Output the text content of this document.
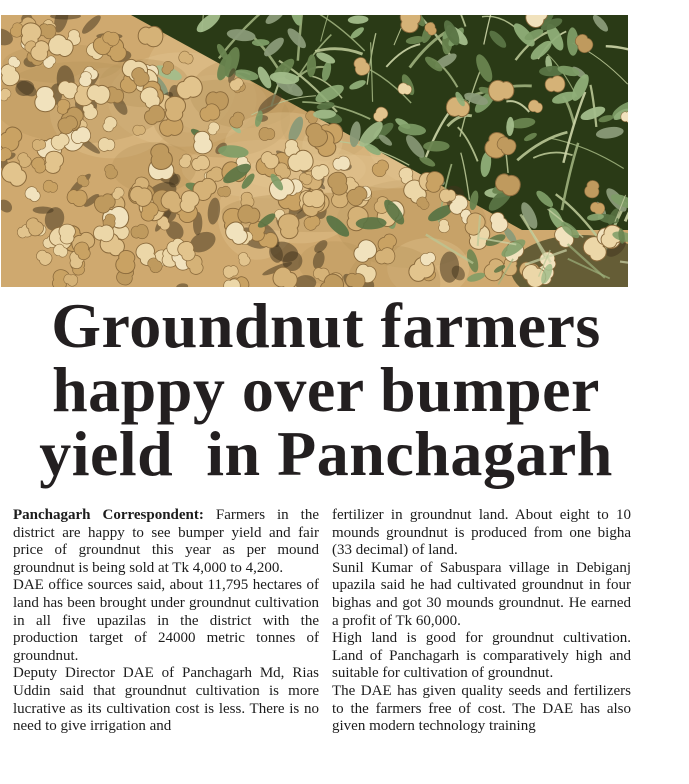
Groundnut farmers
happy over bumper
yield  in Panchagarh

Panchagarh Correspondent: Farmers in the district are happy to see bumper yield and fair price of groundnut this year as per mound groundnut is being sold at Tk 4,000 to 4,200.

DAE office sources said, about 11,795 hectares of land has been brought under groundnut cultivation in all five upazilas in the district with the production target of 24000 metric tonnes of groundnut.

Deputy Director DAE of Panchagarh Md, Rias Uddin said that groundnut cultivation is more lucrative as its cultivation cost is less. There is no need to give irrigation and

fertilizer in groundnut land. About eight to 10 mounds groundnut is produced from one bigha (33 decimal) of land.

Sunil Kumar of Sabuspara village in Debiganj upazila said he had cultivated groundnut in four bighas and got 30 mounds groundnut. He earned a profit of Tk 60,000.

High land is good for groundnut cultivation. Land of Panchagarh is comparatively high and suitable for cultivation of groundnut.

The DAE has given quality seeds and fertilizers to the farmers free of cost. The DAE has also given modern technology training
